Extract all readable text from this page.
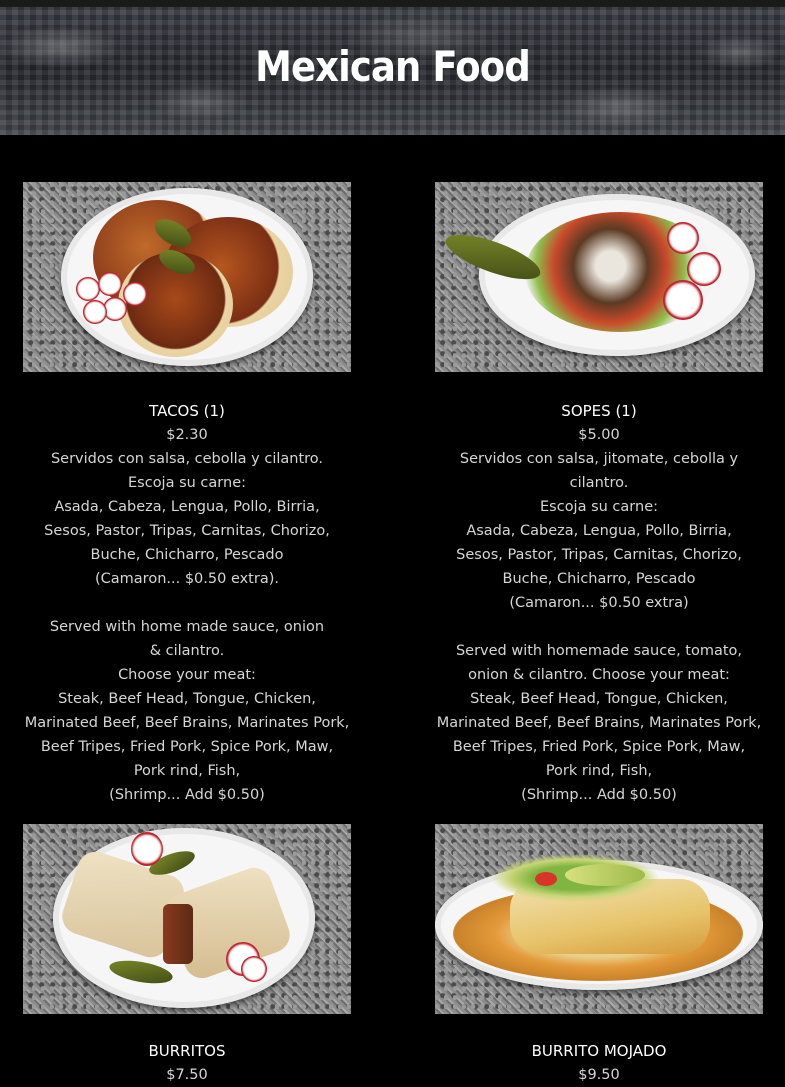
Mexican Food

TACOS (1)

$2.30

Servidos con salsa, cebolla y cilantro.

Escoja su carne:

Asada, Cabeza, Lengua, Pollo, Birria, Sesos, Pastor, Tripas, Carnitas, Chorizo, Buche, Chicharro, Pescado

(Camaron... $0.50 extra).

Served with home made sauce, onion & cilantro.

Choose your meat:

Steak, Beef Head, Tongue, Chicken, Marinated Beef, Beef Brains, Marinates Pork, Beef Tripes, Fried Pork, Spice Pork, Maw, Pork rind, Fish,

(Shrimp... Add $0.50)

SOPES (1)

$5.00

Servidos con salsa, jitomate, cebolla y cilantro.

Escoja su carne:

Asada, Cabeza, Lengua, Pollo, Birria, Sesos, Pastor, Tripas, Carnitas, Chorizo, Buche, Chicharro, Pescado

(Camaron... $0.50 extra)

Served with homemade sauce, tomato, onion & cilantro. Choose your meat:

Steak, Beef Head, Tongue, Chicken, Marinated Beef, Beef Brains, Marinates Pork, Beef Tripes, Fried Pork, Spice Pork, Maw, Pork rind, Fish,

(Shrimp... Add $0.50)

BURRITOS

$7.50

BURRITO MOJADO

$9.50
